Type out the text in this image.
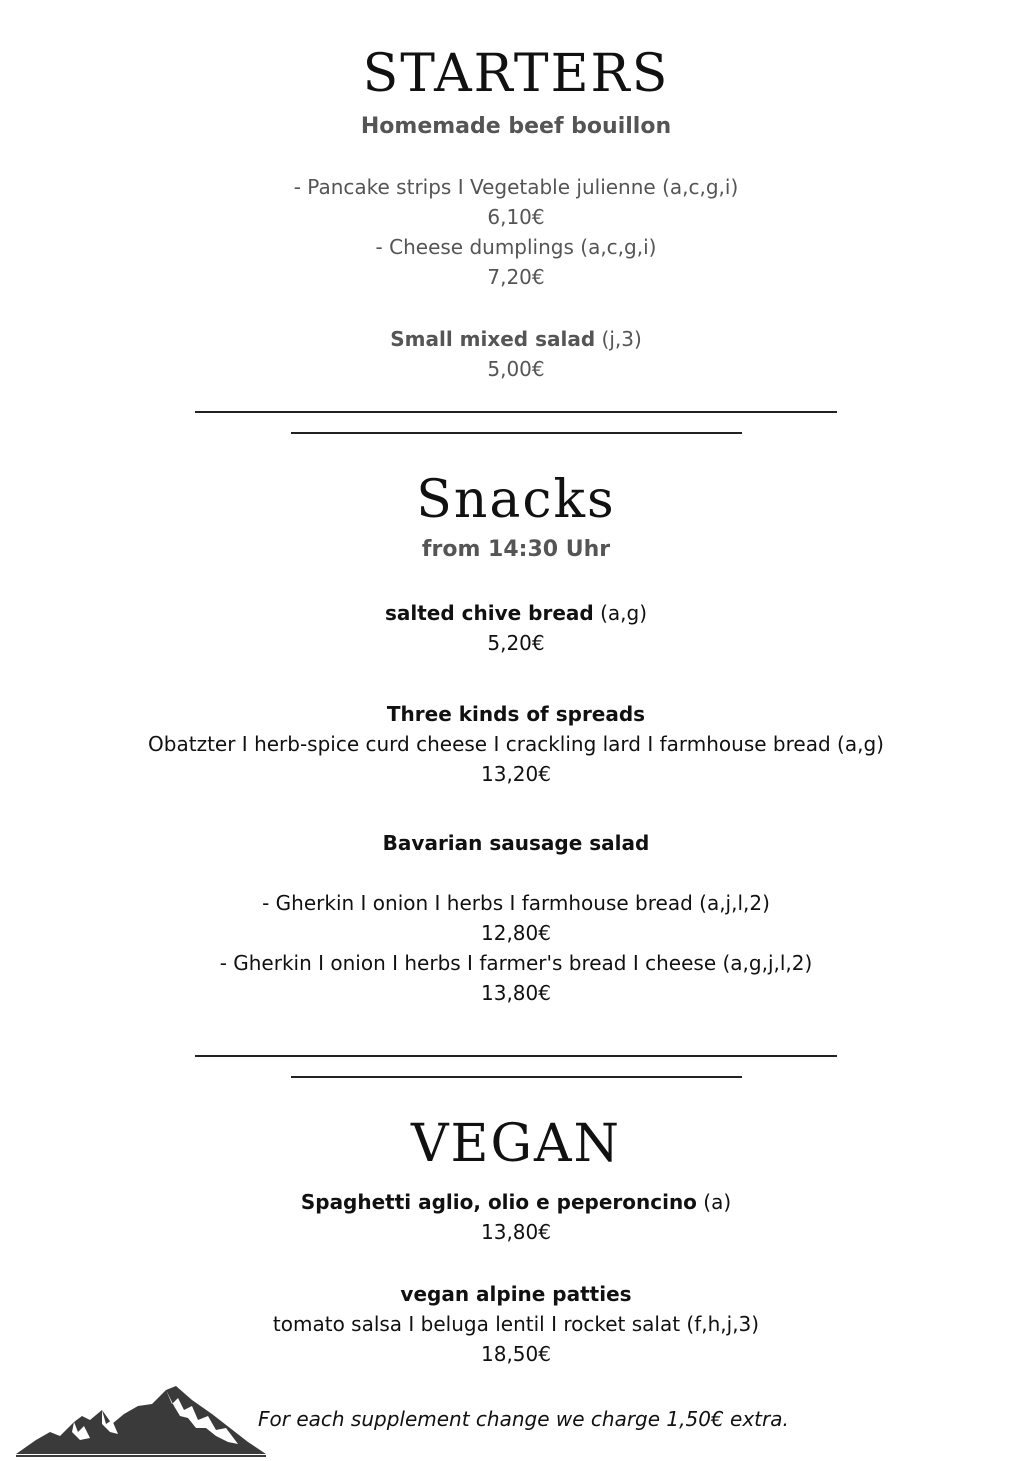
STARTERS
Homemade beef bouillon
- Pancake strips I Vegetable julienne (a,c,g,i)
6,10€
- Cheese dumplings (a,c,g,i)
7,20€
Small mixed salad (j,3)
5,00€
Snacks
from 14:30 Uhr
salted chive bread (a,g)
5,20€
Three kinds of spreads
Obatzter I herb-spice curd cheese I crackling lard I farmhouse bread (a,g)
13,20€
Bavarian sausage salad
- Gherkin I onion I herbs I farmhouse bread (a,j,l,2)
12,80€
- Gherkin I onion I herbs I farmer's bread I cheese (a,g,j,l,2)
13,80€
VEGAN
Spaghetti aglio, olio e peperoncino (a)
13,80€
vegan alpine patties
tomato salsa I beluga lentil I rocket salat (f,h,j,3)
18,50€
For each supplement change we charge 1,50€ extra.
